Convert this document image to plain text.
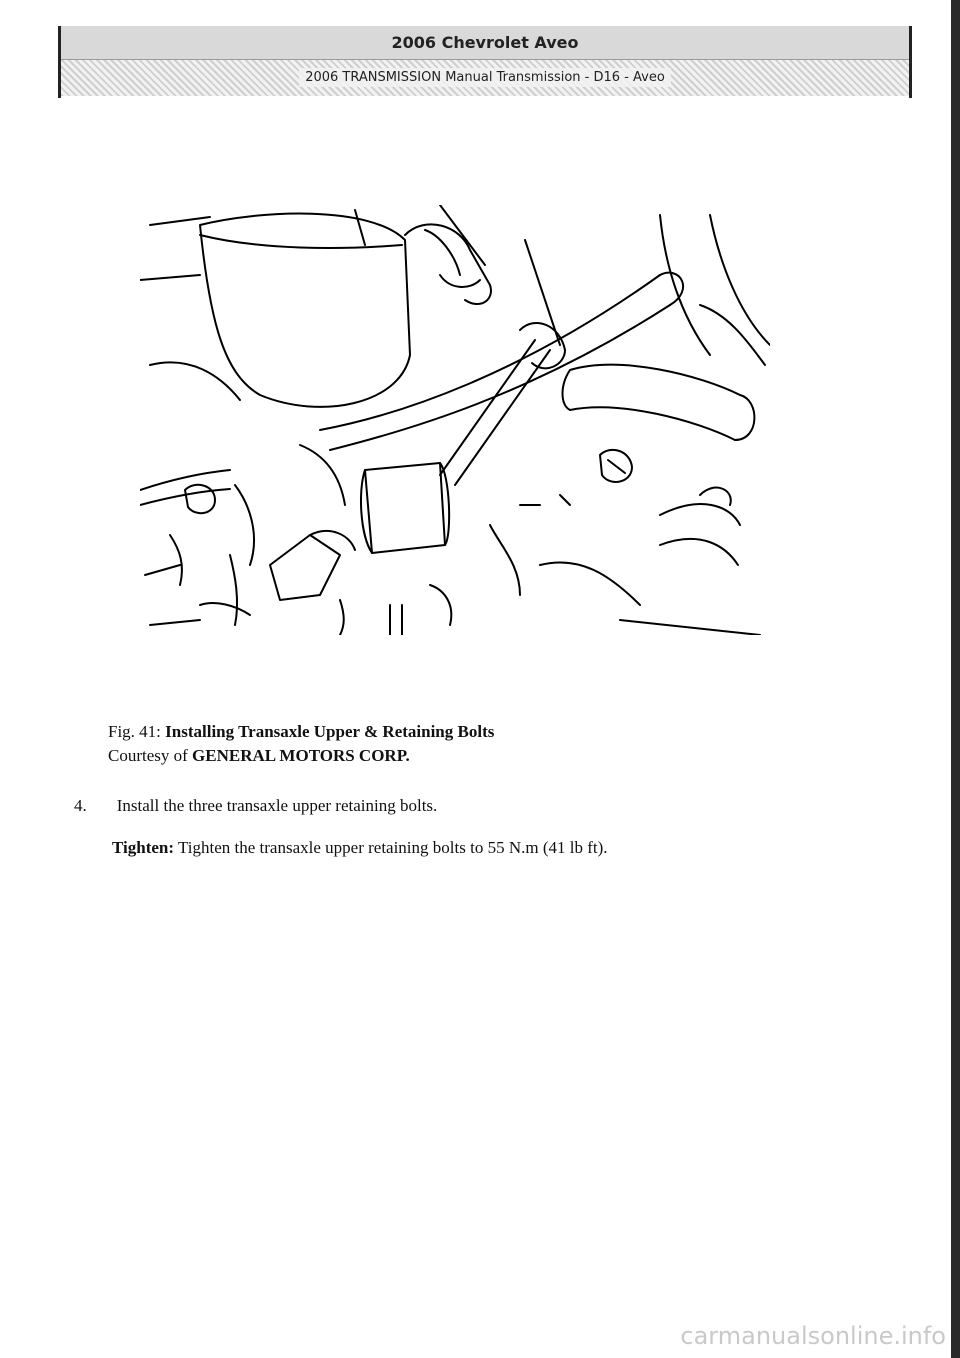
2006 Chevrolet Aveo
2006 TRANSMISSION Manual Transmission - D16 - Aveo
Fig. 41: Installing Transaxle Upper & Retaining Bolts
Courtesy of GENERAL MOTORS CORP.
4. Install the three transaxle upper retaining bolts.
Tighten: Tighten the transaxle upper retaining bolts to 55 N.m (41 lb ft).
carmanualsonline.info
